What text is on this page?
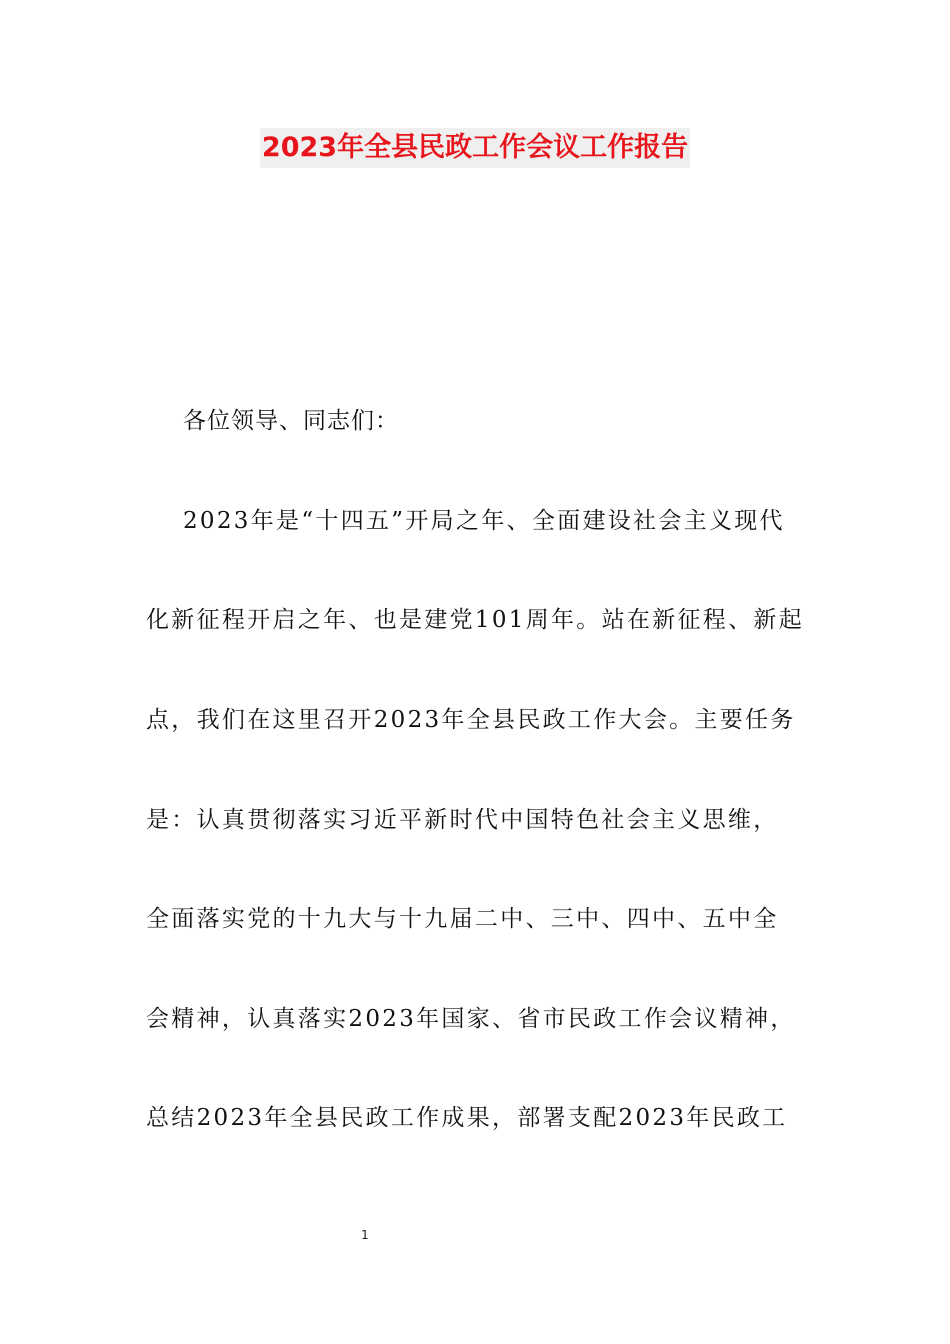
2023年全县民政工作会议工作报告
各位领导、同志们：
2023年是“十四五”开局之年、全面建设社会主义现代
化新征程开启之年、也是建党101周年。站在新征程、新起
点，我们在这里召开2023年全县民政工作大会。主要任务
是：认真贯彻落实习近平新时代中国特色社会主义思维，
全面落实党的十九大与十九届二中、三中、四中、五中全
会精神，认真落实2023年国家、省市民政工作会议精神，
总结2023年全县民政工作成果，部署支配2023年民政工
1
